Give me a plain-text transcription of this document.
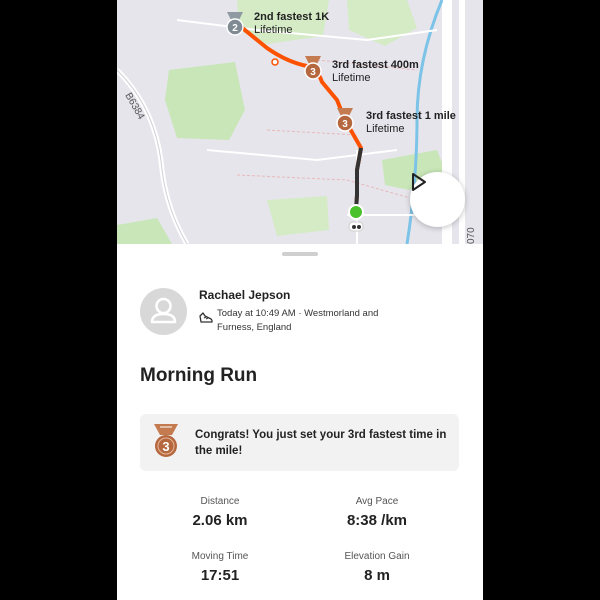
B6384
070
2
3
3
2nd fastest 1K
Lifetime
3rd fastest 400m
Lifetime
3rd fastest 1 mile
Lifetime
Rachael Jepson
Today at 10:49 AM · Westmorland and Furness, England
Morning Run
3
Congrats! You just set your 3rd fastest time in the mile!
Distance
2.06 km
Avg Pace
8:38 /km
Moving Time
17:51
Elevation Gain
8 m
